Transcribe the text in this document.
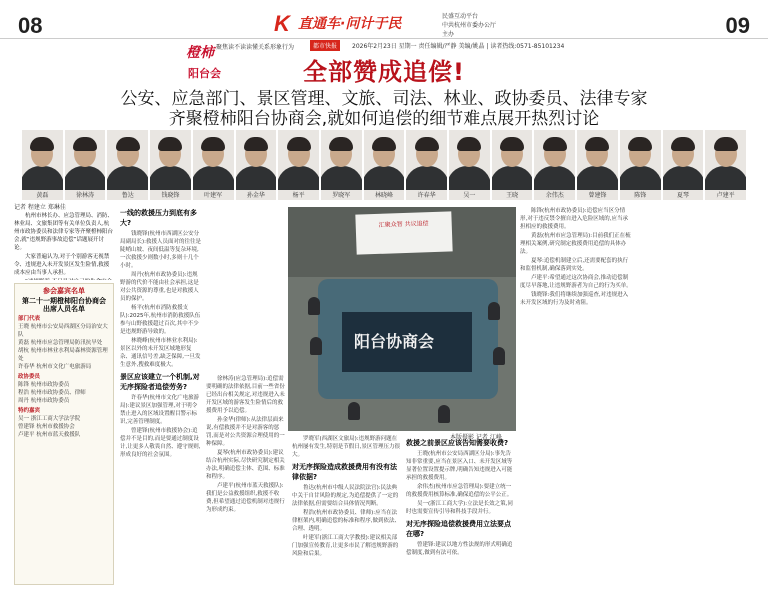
08	09
K 直通车·问计于民	民盛互动平台
中共杭州市委办公厅主办
都市快报	2026年2月23日 星期一 责任编辑/严静 美编/姚晶 | 读者热线:0571-85101234
橙柿
阳台会
聚焦读不读读懂关系形象行为
全部赞成追偿!
公安、应急部门、景区管理、文旅、司法、林业、政协委员、法律专家
齐聚橙柿阳台协商会,就如何追偿的细节难点展开热烈讨论
黄磊	徐林涛	鲁达	钱晓锋	叶建军	孙金华	杨平	罗晓军	林晓峰	许春华	吴一	王晓	余伟杰	曾建锋	陈锋	夏琴	卢建平
记者 程建立 郑琳佳

杭州市林长办、应急管理局、消防、林业局、文旅集团等有关单位负责人,杭州市政协委员和法律专家等齐聚橙柿阳台会,就“违规野游事故追偿”话题展开讨论。

大家普遍认为,对于个别游客无视禁令、违规进入未开发景区发生险情,救援成本应由当事人承担。

参会嘉宾名单
第二十一期橙柿阳台协商会 出席人员名单
部门代表
王晓 杭州市公安局西湖区分局治安大队
黄磊 杭州市应急管理局防汛抗旱处
胡杭 杭州市林业水利局森林资源管理处
许春华 杭州市文化广电旅游局
政协委员
陈锋 杭州市政协委员
程浩 杭州市政协委员、律师
周丹 杭州市政协委员
特约嘉宾
吴一 浙江工商大学法学院
曾建锋 杭州市救援协会
卢建平 杭州市蓝天救援队
一线的救援压力到底有多大?

钱晓锋(杭州市西湖区公安分局副局长):救援人员面对的往往是陡峭山坡、夜间低温等复杂环境,一次救援少则数小时,多则十几个小时。

周丹(杭州市政协委员):违规野游的代价不能由社会承担,这是对公共资源的尊重,也是对救援人员的保护。

杨平(杭州市消防救援支队):2025年,杭州市消防救援队伍参与山野救援超过百次,其中不少是违规野游导致的。

林晓峰(杭州市林业水利局):景区以外的未开发区域地形复杂、通讯信号差,缺乏保障,一旦发生意外,搜救难度极大。

景区应该建立一个机制,对无序探险者追偿劳务?

许春华(杭州市文化广电旅游局):建议景区加强管理,对于明令禁止进入的区域设置醒目警示标识,完善管理制度。

曾建锋(杭州市救援协会):追偿并不是目的,而是要通过制度设计,让更多人敬畏自然、遵守规则,形成良好的社会氛围。

徐林涛(应急管理局):追偿需要明确的法律依据,目前一些省份已经出台相关规定,对违规进入未开发区域的游客发生险情后的救援费用予以追偿。

孙金华(律师):从法律层面来说,有偿救援并不是对游客的惩罚,而是对公共资源合理使用的一种保障。

夏琴(杭州市政协委员):建议结合杭州实际,尽快研究制定相关办法,明确追偿主体、范围、标准和程序。

卢建平(杭州市蓝天救援队):我们是公益救援组织,救援不收费,但希望通过追偿机制对违规行为形成约束。

罗晓军(西湖区文旅局):违规野游问题在杭州屡有发生,特别是节假日,景区管理压力很大。

对无序探险造成救援费用有没有法律依据?

鲁达(杭州市中级人民法院法官):民法典中关于自甘风险的规定,为追偿提供了一定的法律依据,但需要结合具体情况判断。

程浩(杭州市政协委员、律师):应当在法律框架内,明确追偿的标准和程序,做到依法、合理、透明。

叶建军(浙江工商大学教授):建议相关部门加强宣传教育,让更多市民了解违规野游的风险和后果。

救援之前景区应该告知需要收费?

王晓(杭州市公安局西湖区分局):事先告知非常重要,应当在景区入口、未开发区域等显著位置设置提示牌,明确告知违规进入可能承担的救援费用。

余伟杰(杭州市应急管理局):要建立统一的救援费用核算标准,确保追偿的公平公正。

吴一(浙江工商大学):立法是长效之策,同时也需要宣传引导和科技手段并行。

对无序探险追偿救援费用立法要点在哪?

曾建锋:建议以地方性法规的形式明确追偿制度,做到有法可依。

陈锋(杭州市政协委员):追偿应当区分情形,对于违反禁令擅自进入危险区域的,应当承担相应的救援费用。

黄磊(杭州市应急管理局):目前我们正在梳理相关案例,研究制定救援费用追偿的具体办法。

夏琴:追偿机制建立后,还需要配套的执行和监督机制,确保落到实处。

卢建平:希望通过这次协商会,推动追偿制度尽早落地,让违规野游者为自己的行为买单。

钱晓锋:我们将继续加强巡查,对违规进入未开发区域的行为及时劝阻。

汇聚众智 共议追偿
阳台协商会
本版摄影 记者 江峰
